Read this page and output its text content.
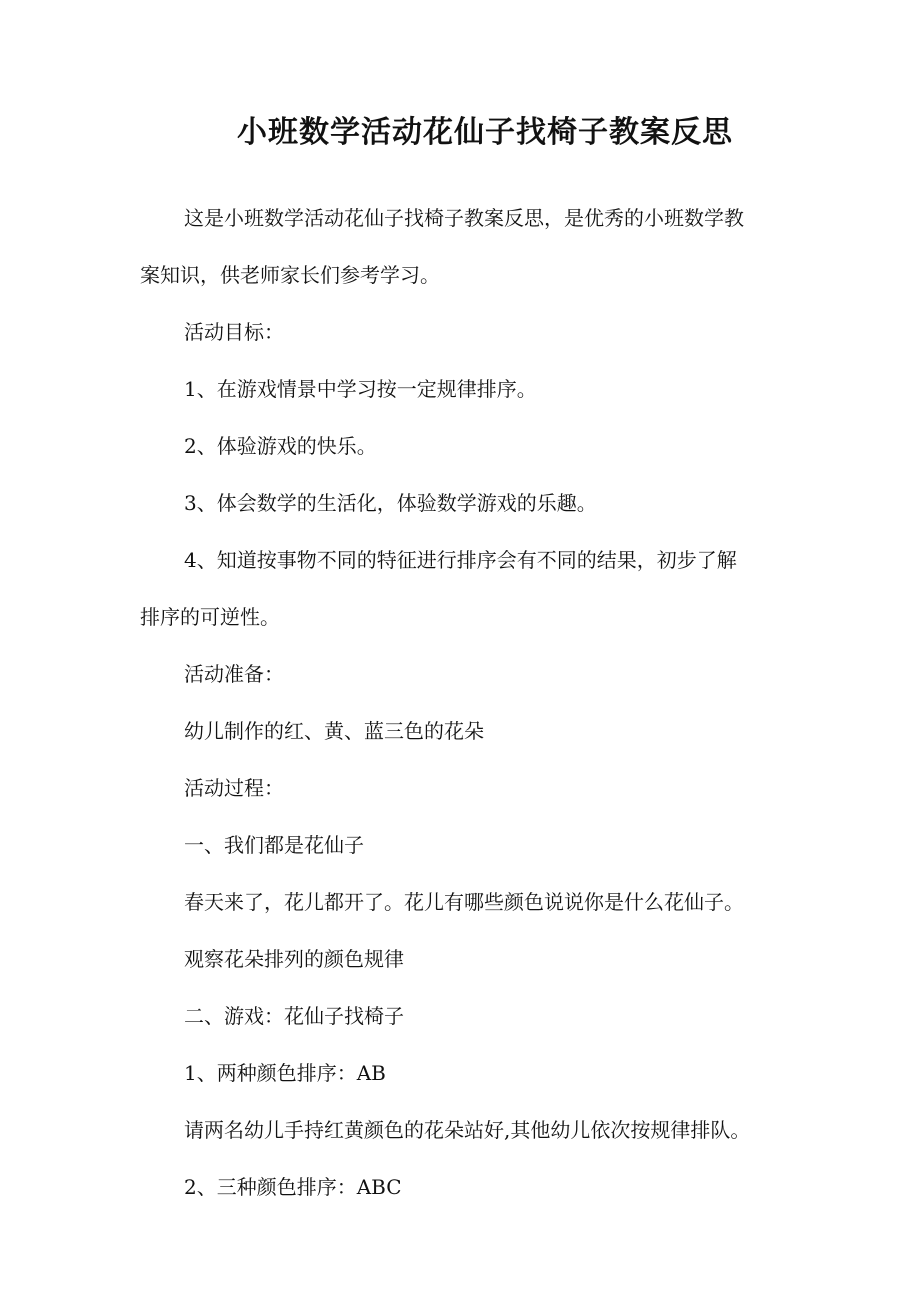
小班数学活动花仙子找椅子教案反思
这是小班数学活动花仙子找椅子教案反思，是优秀的小班数学教
案知识，供老师家长们参考学习。

活动目标：

1、在游戏情景中学习按一定规律排序。

2、体验游戏的快乐。

3、体会数学的生活化，体验数学游戏的乐趣。

4、知道按事物不同的特征进行排序会有不同的结果，初步了解
排序的可逆性。

活动准备：

幼儿制作的红、黄、蓝三色的花朵

活动过程：

一、我们都是花仙子

春天来了，花儿都开了。花儿有哪些颜色说说你是什么花仙子。

观察花朵排列的颜色规律

二、游戏：花仙子找椅子

1、两种颜色排序：AB

请两名幼儿手持红黄颜色的花朵站好,其他幼儿依次按规律排队。

2、三种颜色排序：ABC
